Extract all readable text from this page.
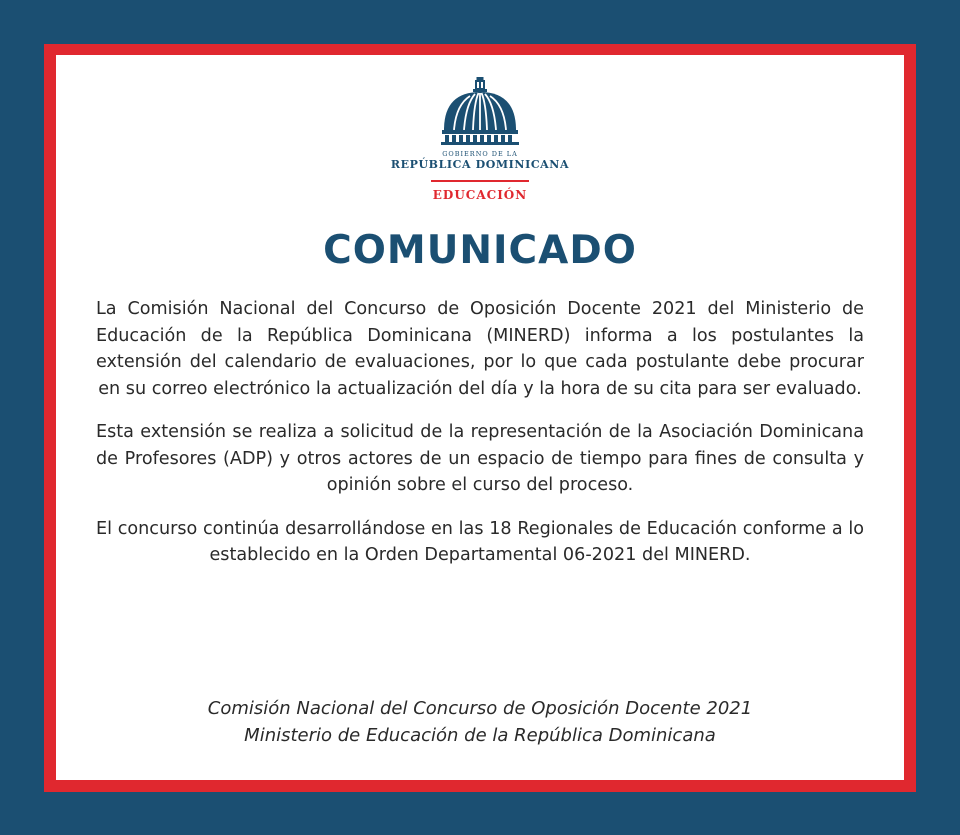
GOBIERNO DE LA
REPÚBLICA DOMINICANA
EDUCACIÓN
COMUNICADO

La Comisión Nacional del Concurso de Oposición Docente 2021 del Ministerio de Educación de la República Dominicana (MINERD) informa a los postulantes la extensión del calendario de evaluaciones, por lo que cada postulante debe procurar en su correo electrónico la actualización del día y la hora de su cita para ser evaluado.

Esta extensión se realiza a solicitud de la representación de la Asociación Dominicana de Profesores (ADP) y otros actores de un espacio de tiempo para fines de consulta y opinión sobre el curso del proceso.

El concurso continúa desarrollándose en las 18 Regionales de Educación conforme a lo establecido en la Orden Departamental 06-2021 del MINERD.

Comisión Nacional del Concurso de Oposición Docente 2021
Ministerio de Educación de la República Dominicana
